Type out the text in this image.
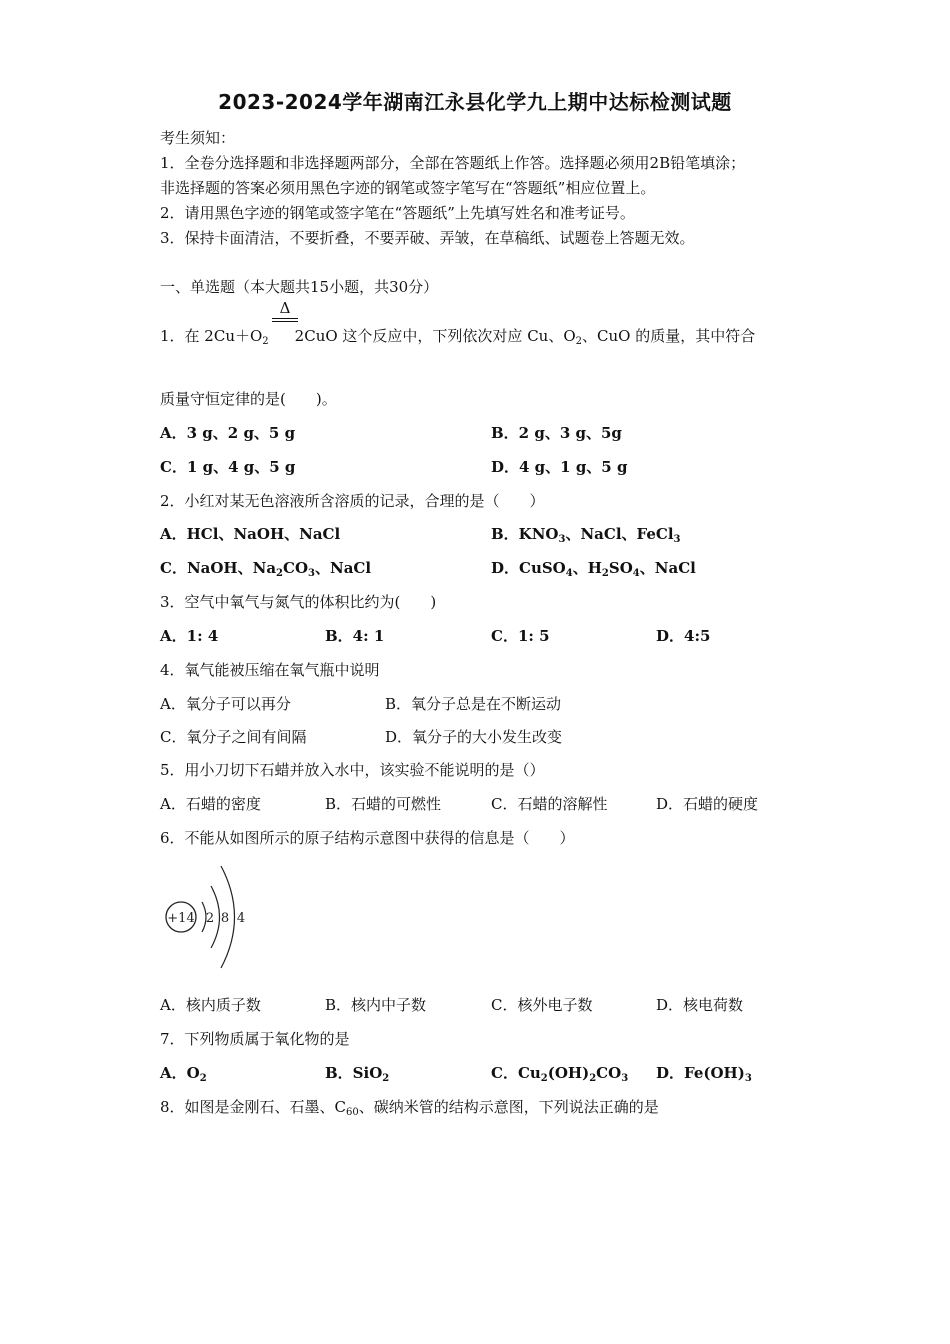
2023-2024学年湖南江永县化学九上期中达标检测试题
考生须知：
1．全卷分选择题和非选择题两部分，全部在答题纸上作答。选择题必须用2B铅笔填涂；
非选择题的答案必须用黑色字迹的钢笔或签字笔写在“答题纸”相应位置上。
2．请用黑色字迹的钢笔或签字笔在“答题纸”上先填写姓名和准考证号。
3．保持卡面清洁，不要折叠，不要弄破、弄皱，在草稿纸、试题卷上答题无效。
一、单选题（本大题共15小题，共30分）
Δ
1．在 $2Cu+O_2$ 2CuO 这个反应中，下列依次对应 Cu、$O_2$、CuO 的质量，其中符合
质量守恒定律的是(　　)。
A．3 g、2 g、5 g	B．2 g、3 g、5g
C．1 g、4 g、5 g	D．4 g、1 g、5 g
2．小红对某无色溶液所含溶质的记录，合理的是（　　）
A．HCl、NaOH、NaCl	B．$KNO_3$、NaCl、FeCl$_3$
C．NaOH、$Na_2CO_3$、NaCl	D．CuSO$_4$、$H_2SO_4$、NaCl
3．空气中氧气与氮气的体积比约为(　　)
A．1: 4	B．4: 1	C．1: 5	D．4:5
4．氧气能被压缩在氧气瓶中说明
A．氧分子可以再分	B．氧分子总是在不断运动
C．氧分子之间有间隔	D．氧分子的大小发生改变
5．用小刀切下石蜡并放入水中，该实验不能说明的是（）
A．石蜡的密度	B．石蜡的可燃性	C．石蜡的溶解性	D．石蜡的硬度
6．不能从如图所示的原子结构示意图中获得的信息是（　　）
+14 2 8 4
A．核内质子数	B．核内中子数	C．核外电子数	D．核电荷数
7．下列物质属于氧化物的是
A．$O_2$	B．SiO$_2$	C．$Cu_2(OH)_2CO_3$ D．$Fe(OH)_3$
8．如图是金刚石、石墨、$C_{60}$、碳纳米管的结构示意图，下列说法正确的是
